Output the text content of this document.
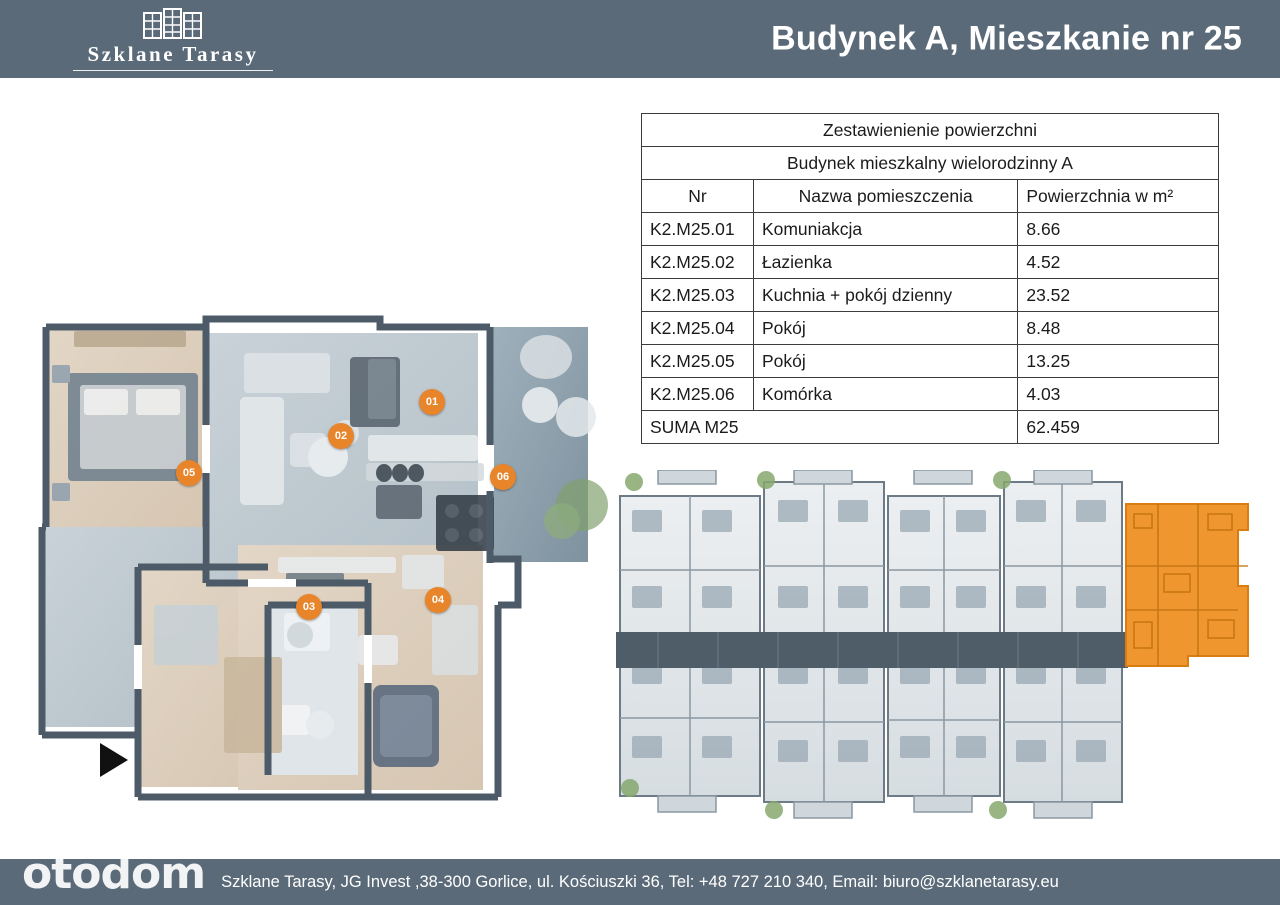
Szklane Tarasy	Budynek A, Mieszkanie nr 25
Zestawienienie powierzchni		
Budynek mieszkalny wielorodzinny A		
Nr	Nazwa pomieszczenia	Powierzchnia w m²
K2.M25.01	Komuniakcja	8.66
K2.M25.02	Łazienka	4.52
K2.M25.03	Kuchnia + pokój dzienny	23.52
K2.M25.04	Pokój	8.48
K2.M25.05	Pokój	13.25
K2.M25.06	Komórka	4.03
SUMA M25		62.459
01
02
03
04
05	06
Szklane Tarasy, JG Invest ,38-300 Gorlice, ul. Kościuszki 36, Tel: +48 727 210 340, Email: biuro@szklanetarasy.eu
otodom
